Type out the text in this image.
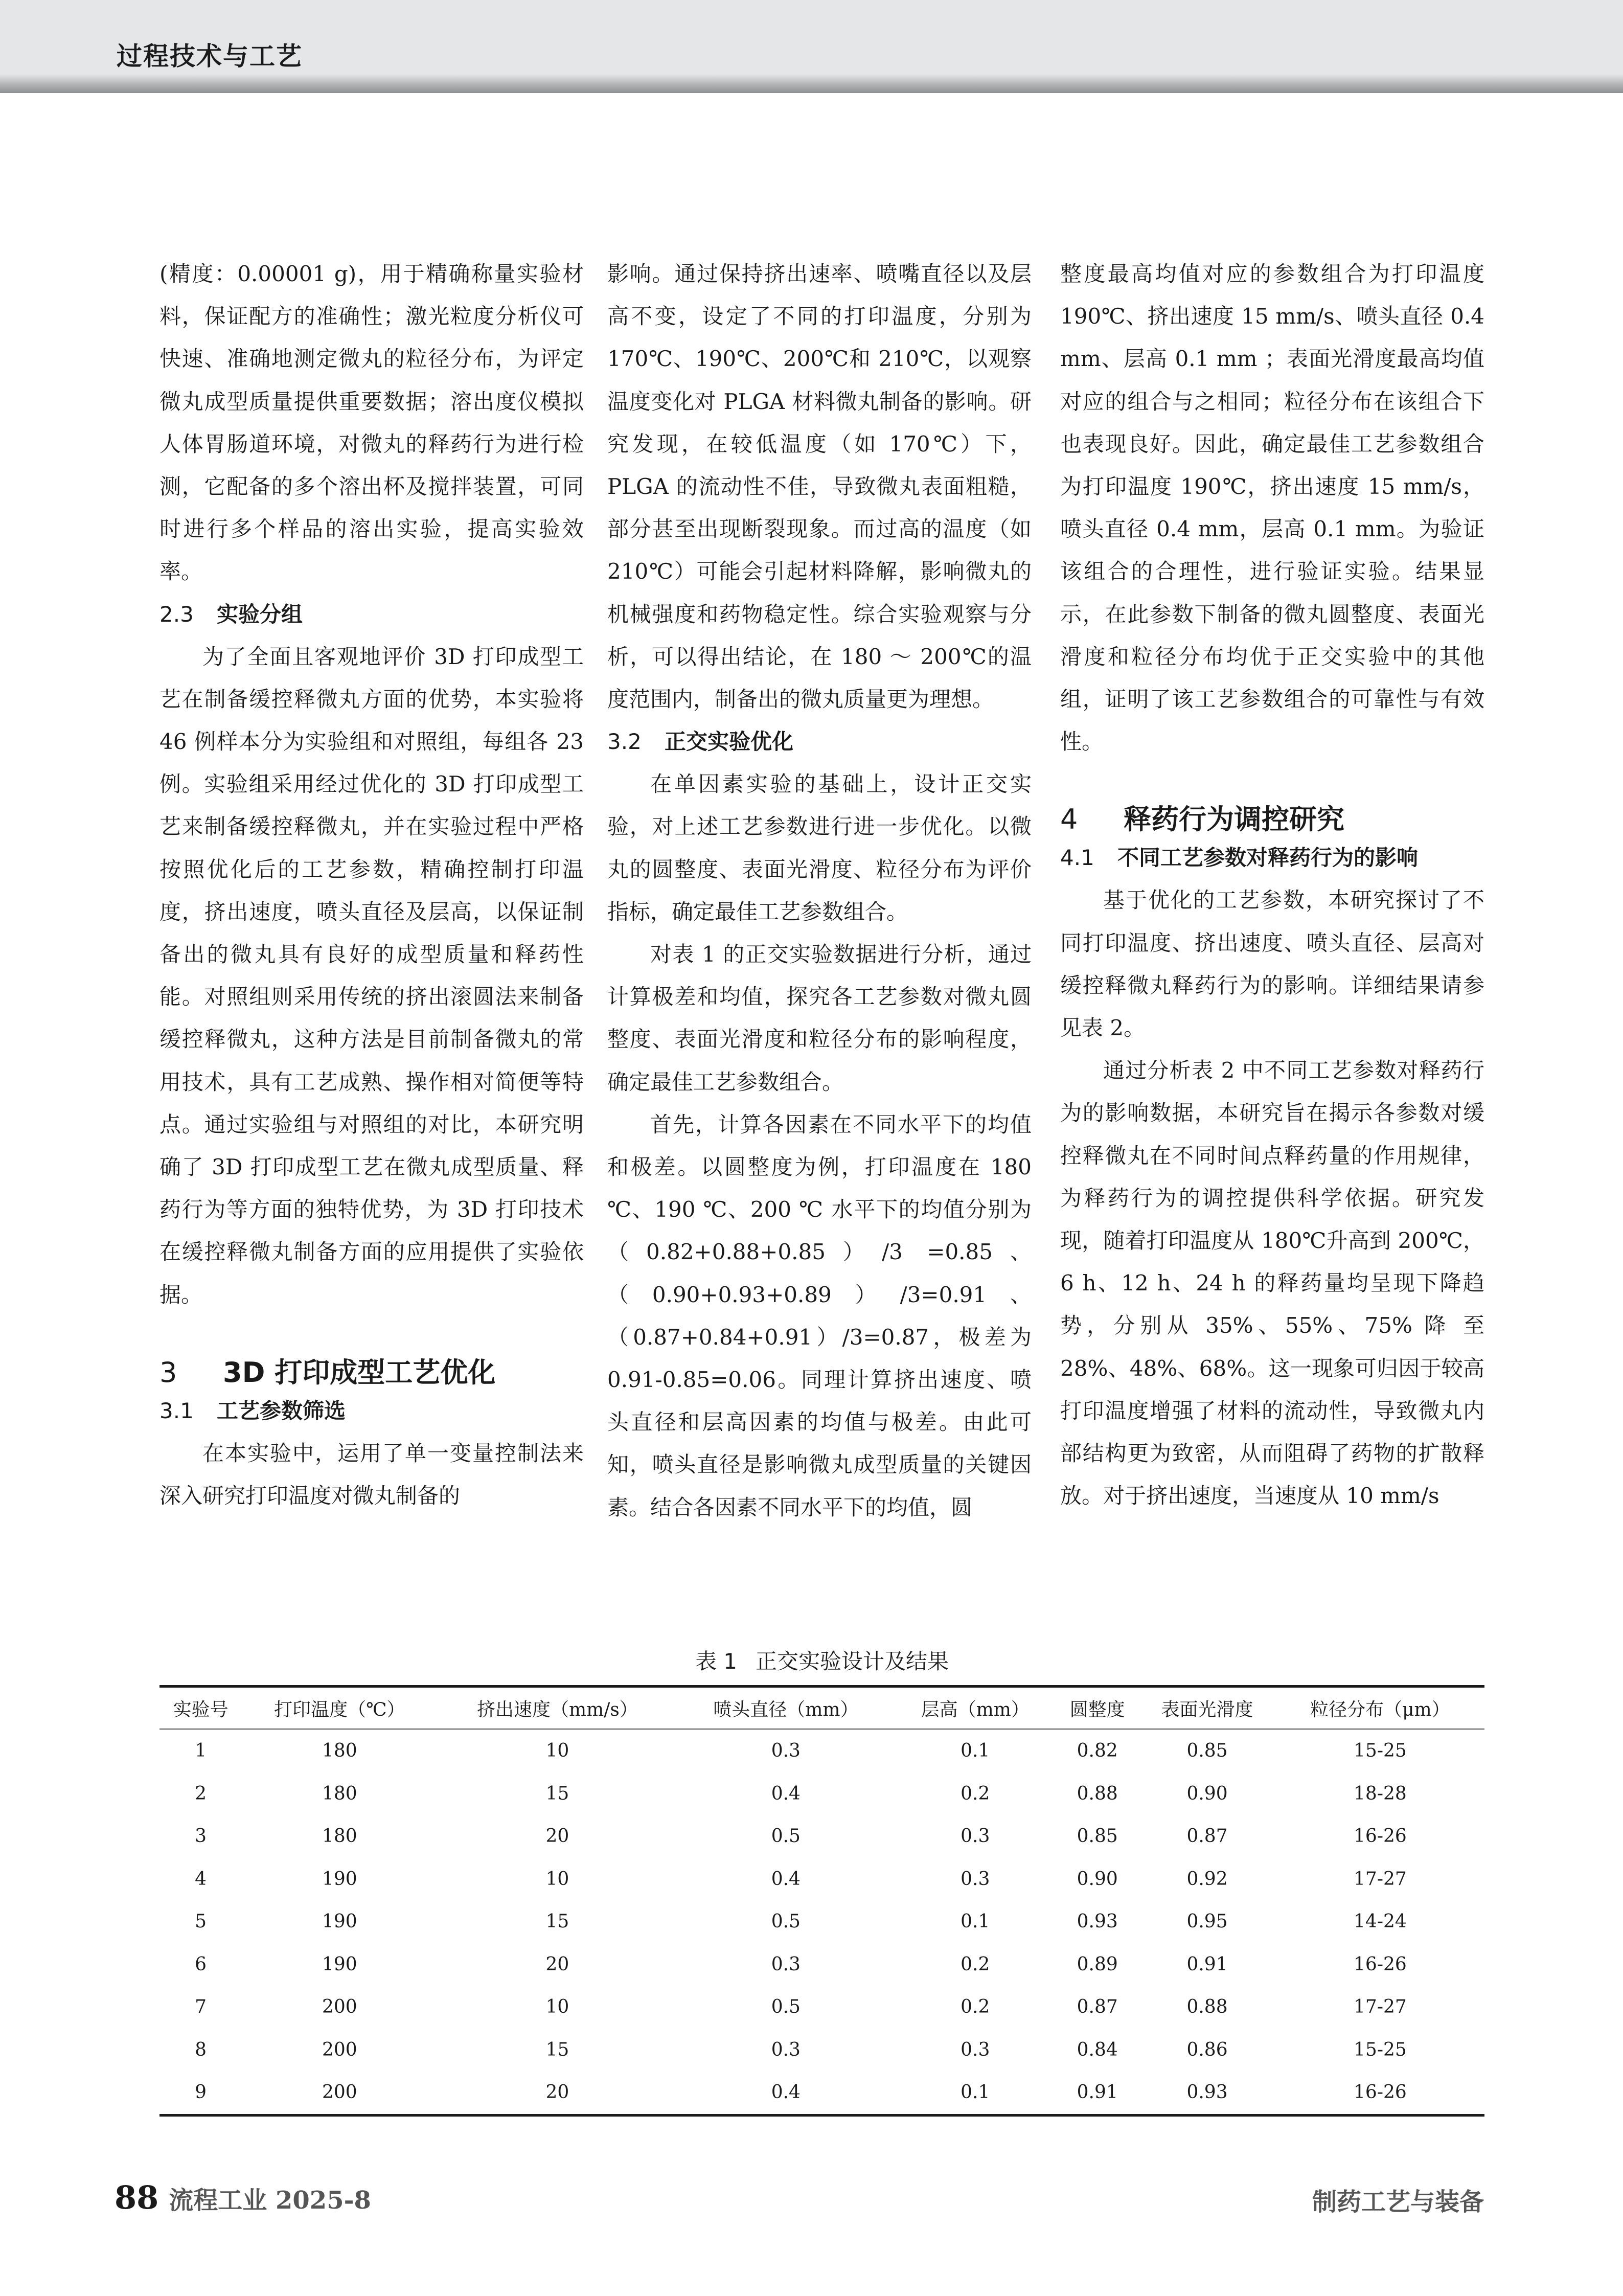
过程技术与工艺

(精度：0.00001 g)，用于精确称量实验材料，保证配方的准确性；激光粒度分析仪可快速、准确地测定微丸的粒径分布，为评定微丸成型质量提供重要数据；溶出度仪模拟人体胃肠道环境，对微丸的释药行为进行检测，它配备的多个溶出杯及搅拌装置，可同时进行多个样品的溶出实验，提高实验效率。

2.3 实验分组

为了全面且客观地评价 3D 打印成型工艺在制备缓控释微丸方面的优势，本实验将 46 例样本分为实验组和对照组，每组各 23 例。实验组采用经过优化的 3D 打印成型工艺来制备缓控释微丸，并在实验过程中严格按照优化后的工艺参数，精确控制打印温度，挤出速度，喷头直径及层高，以保证制备出的微丸具有良好的成型质量和释药性能。对照组则采用传统的挤出滚圆法来制备缓控释微丸，这种方法是目前制备微丸的常用技术，具有工艺成熟、操作相对简便等特点。通过实验组与对照组的对比，本研究明确了 3D 打印成型工艺在微丸成型质量、释药行为等方面的独特优势，为 3D 打印技术在缓控释微丸制备方面的应用提供了实验依据。

3 3D 打印成型工艺优化
3.1 工艺参数筛选

在本实验中，运用了单一变量控制法来深入研究打印温度对微丸制备的

影响。通过保持挤出速率、喷嘴直径以及层高不变，设定了不同的打印温度，分别为 170℃、190℃、200℃和 210℃，以观察温度变化对 PLGA 材料微丸制备的影响。研究发现，在较低温度（如 170℃）下，PLGA 的流动性不佳，导致微丸表面粗糙，部分甚至出现断裂现象。而过高的温度（如 210℃）可能会引起材料降解，影响微丸的机械强度和药物稳定性。综合实验观察与分析，可以得出结论，在 180 ～ 200℃的温度范围内，制备出的微丸质量更为理想。

3.2 正交实验优化

在单因素实验的基础上，设计正交实验，对上述工艺参数进行进一步优化。以微丸的圆整度、表面光滑度、粒径分布为评价指标，确定最佳工艺参数组合。

对表 1 的正交实验数据进行分析，通过计算极差和均值，探究各工艺参数对微丸圆整度、表面光滑度和粒径分布的影响程度，确定最佳工艺参数组合。

首先，计算各因素在不同水平下的均值和极差。以圆整度为例，打印温度在 180 ℃、190 ℃、200 ℃ 水平下的均值分别为（0.82+0.88+0.85）/3 =0.85、（0.90+0.93+0.89）/3=0.91、（0.87+0.84+0.91）/3=0.87，极差为 0.91-0.85=0.06。同理计算挤出速度、喷头直径和层高因素的均值与极差。由此可知，喷头直径是影响微丸成型质量的关键因素。结合各因素不同水平下的均值，圆

整度最高均值对应的参数组合为打印温度 190℃、挤出速度 15 mm/s、喷头直径 0.4 mm、层高 0.1 mm ；表面光滑度最高均值对应的组合与之相同；粒径分布在该组合下也表现良好。因此，确定最佳工艺参数组合为打印温度 190℃，挤出速度 15 mm/s，喷头直径 0.4 mm，层高 0.1 mm。为验证该组合的合理性，进行验证实验。结果显示，在此参数下制备的微丸圆整度、表面光滑度和粒径分布均优于正交实验中的其他组，证明了该工艺参数组合的可靠性与有效性。

4 释药行为调控研究
4.1 不同工艺参数对释药行为的影响

基于优化的工艺参数，本研究探讨了不同打印温度、挤出速度、喷头直径、层高对缓控释微丸释药行为的影响。详细结果请参见表 2。

通过分析表 2 中不同工艺参数对释药行为的影响数据，本研究旨在揭示各参数对缓控释微丸在不同时间点释药量的作用规律，为释药行为的调控提供科学依据。研究发现，随着打印温度从 180℃升高到 200℃，6 h、12 h、24 h 的释药量均呈现下降趋势，分别从 35%、55%、75% 降 至 28%、48%、68%。这一现象可归因于较高打印温度增强了材料的流动性，导致微丸内部结构更为致密，从而阻碍了药物的扩散释放。对于挤出速度，当速度从 10 mm/s

表 1 正交实验设计及结果
实验号	打印温度（℃）	挤出速度（mm/s）	喷头直径（mm）	层高（mm）	圆整度	表面光滑度	粒径分布（μm）
1	180	10	0.3	0.1	0.82	0.85	15-25
2	180	15	0.4	0.2	0.88	0.90	18-28
3	180	20	0.5	0.3	0.85	0.87	16-26
4	190	10	0.4	0.3	0.90	0.92	17-27
5	190	15	0.5	0.1	0.93	0.95	14-24
6	190	20	0.3	0.2	0.89	0.91	16-26
7	200	10	0.5	0.2	0.87	0.88	17-27
8	200	15	0.3	0.3	0.84	0.86	15-25
9	200	20	0.4	0.1	0.91	0.93	16-26
88 流程工业 2025-8	制药工艺与装备
